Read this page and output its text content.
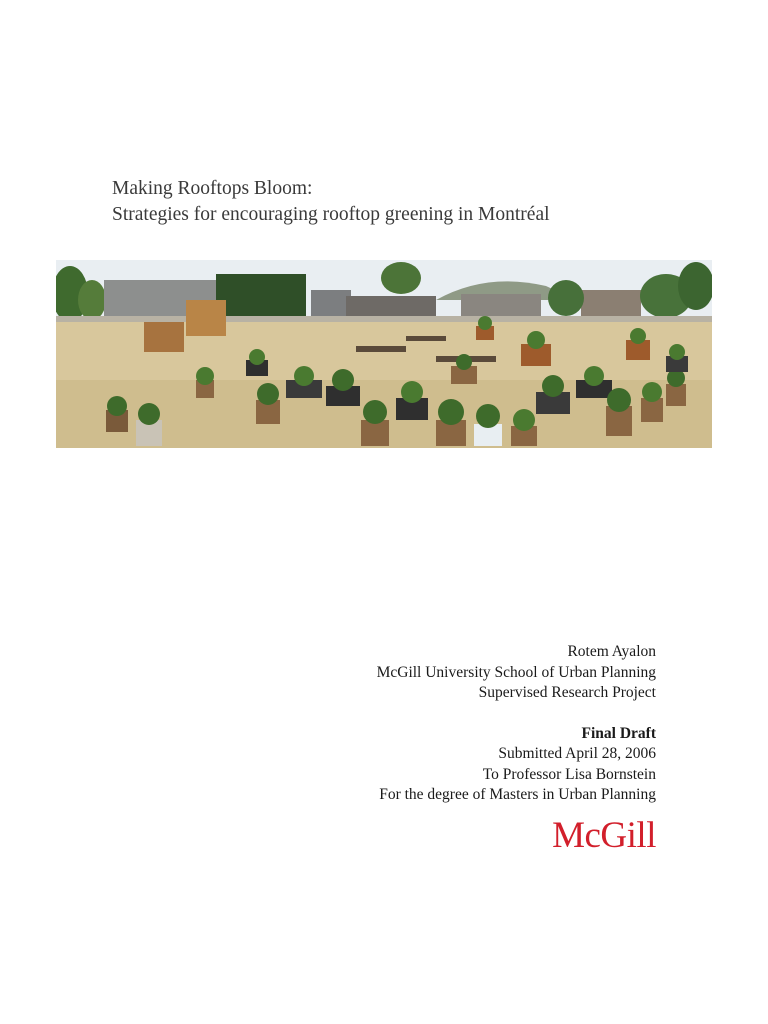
Making Rooftops Bloom:
Strategies for encouraging rooftop greening in Montréal
Rotem Ayalon
McGill University School of Urban Planning
Supervised Research Project
Final Draft
Submitted April 28, 2006
To Professor Lisa Bornstein
For the degree of Masters in Urban Planning
McGill
